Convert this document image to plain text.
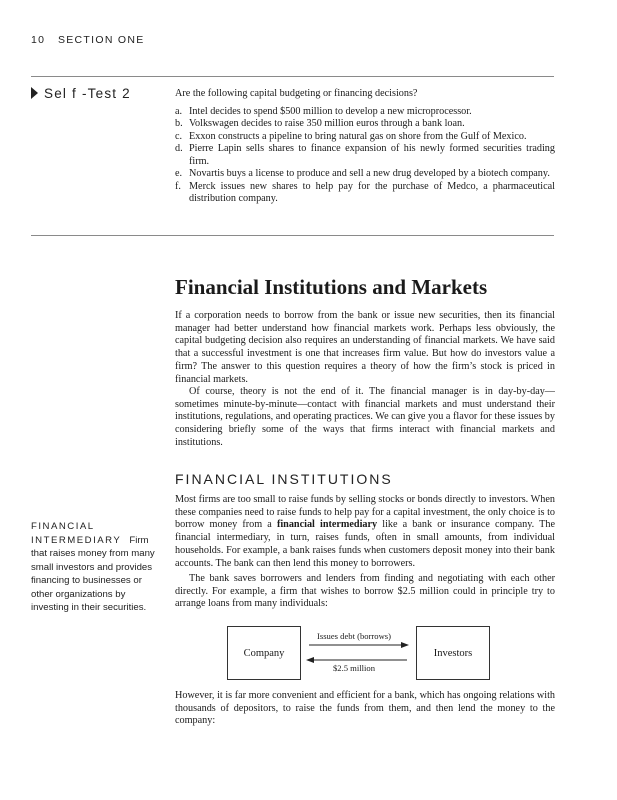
10 SECTION ONE
Sel f -Test 2	Are the following capital budgeting or financing decisions?
a. Intel decides to spend $500 million to develop a new microprocessor.
b. Volkswagen decides to raise 350 million euros through a bank loan.
c. Exxon constructs a pipeline to bring natural gas on shore from the Gulf of Mexico.
d. Pierre Lapin sells shares to finance expansion of his newly formed securities trading firm.
e. Novartis buys a license to produce and sell a new drug developed by a biotech company.
f. Merck issues new shares to help pay for the purchase of Medco, a pharmaceutical distribution company.
Financial Institutions and Markets
If a corporation needs to borrow from the bank or issue new securities, then its financial manager had better understand how financial markets work. Perhaps less obviously, the capital budgeting decision also requires an understanding of financial markets. We have said that a successful investment is one that increases firm value. But how do investors value a firm? The answer to this question requires a theory of how the firm’s stock is priced in financial markets.
Of course, theory is not the end of it. The financial manager is in day-by-day—sometimes minute-by-minute—contact with financial markets and must understand their institutions, regulations, and operating practices. We can give you a flavor for these issues by considering briefly some of the ways that firms interact with financial markets and institutions.
FINANCIAL INSTITUTIONS
Most firms are too small to raise funds by selling stocks or bonds directly to investors. When these companies need to raise funds to help pay for a capital investment, the only choice is to borrow money from a financial intermediary like a bank or insurance company. The financial intermediary, in turn, raises funds, often in small amounts, from individual households. For example, a bank raises funds when customers deposit money into their bank accounts. The bank can then lend this money to borrowers.
The bank saves borrowers and lenders from finding and negotiating with each other directly. For example, a firm that wishes to borrow $2.5 million could in principle try to arrange loans from many individuals:
FINANCIAL
INTERMEDIARY Firm
that raises money from many small investors and provides financing to businesses or other organizations by investing in their securities.
Company	Investors
Issues debt (borrows)
$2.5 million
However, it is far more convenient and efficient for a bank, which has ongoing relations with thousands of depositors, to raise the funds from them, and then lend the money to the company:
